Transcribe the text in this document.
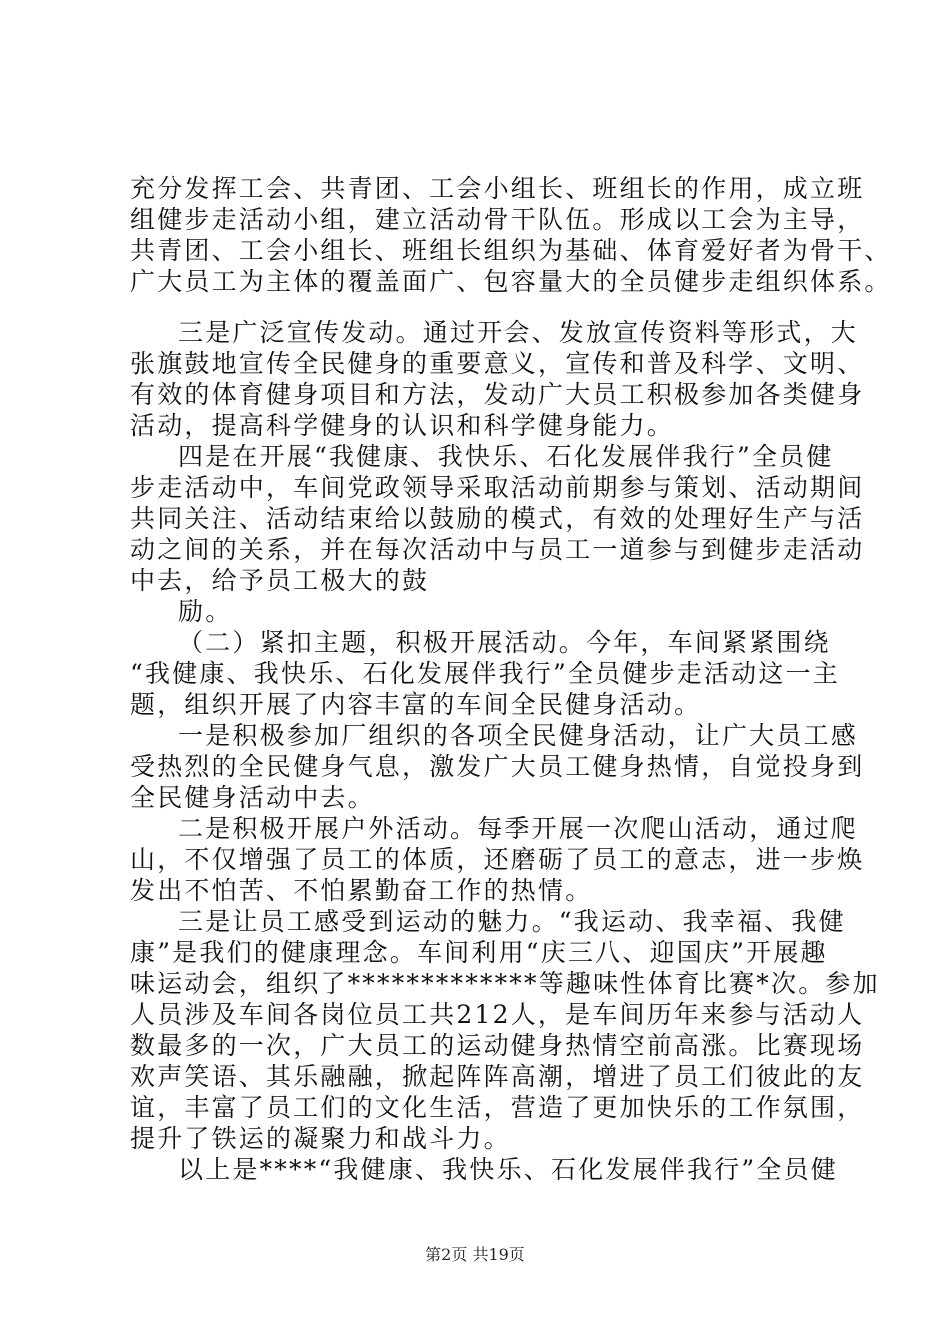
充分发挥工会、共青团、工会小组长、班组长的作用，成立班
组健步走活动小组，建立活动骨干队伍。形成以工会为主导，
共青团、工会小组长、班组长组织为基础、体育爱好者为骨干、
广大员工为主体的覆盖面广、包容量大的全员健步走组织体系。
三是广泛宣传发动。通过开会、发放宣传资料等形式，大
张旗鼓地宣传全民健身的重要意义，宣传和普及科学、文明、
有效的体育健身项目和方法，发动广大员工积极参加各类健身
活动，提高科学健身的认识和科学健身能力。
四是在开展“我健康、我快乐、石化发展伴我行”全员健
步走活动中，车间党政领导采取活动前期参与策划、活动期间
共同关注、活动结束给以鼓励的模式，有效的处理好生产与活
动之间的关系，并在每次活动中与员工一道参与到健步走活动
中去，给予员工极大的鼓
励。
（二）紧扣主题，积极开展活动。今年，车间紧紧围绕
“我健康、我快乐、石化发展伴我行”全员健步走活动这一主
题，组织开展了内容丰富的车间全民健身活动。
一是积极参加厂组织的各项全民健身活动，让广大员工感
受热烈的全民健身气息，激发广大员工健身热情，自觉投身到
全民健身活动中去。
二是积极开展户外活动。每季开展一次爬山活动，通过爬
山，不仅增强了员工的体质，还磨砺了员工的意志，进一步焕
发出不怕苦、不怕累勤奋工作的热情。
三是让员工感受到运动的魅力。“我运动、我幸福、我健
康”是我们的健康理念。车间利用“庆三八、迎国庆”开展趣
味运动会，组织了*************等趣味性体育比赛*次。参加
人员涉及车间各岗位员工共212人，是车间历年来参与活动人
数最多的一次，广大员工的运动健身热情空前高涨。比赛现场
欢声笑语、其乐融融，掀起阵阵高潮，增进了员工们彼此的友
谊，丰富了员工们的文化生活，营造了更加快乐的工作氛围，
提升了铁运的凝聚力和战斗力。
第2页 共19页
以上是****“我健康、我快乐、石化发展伴我行”全员健
